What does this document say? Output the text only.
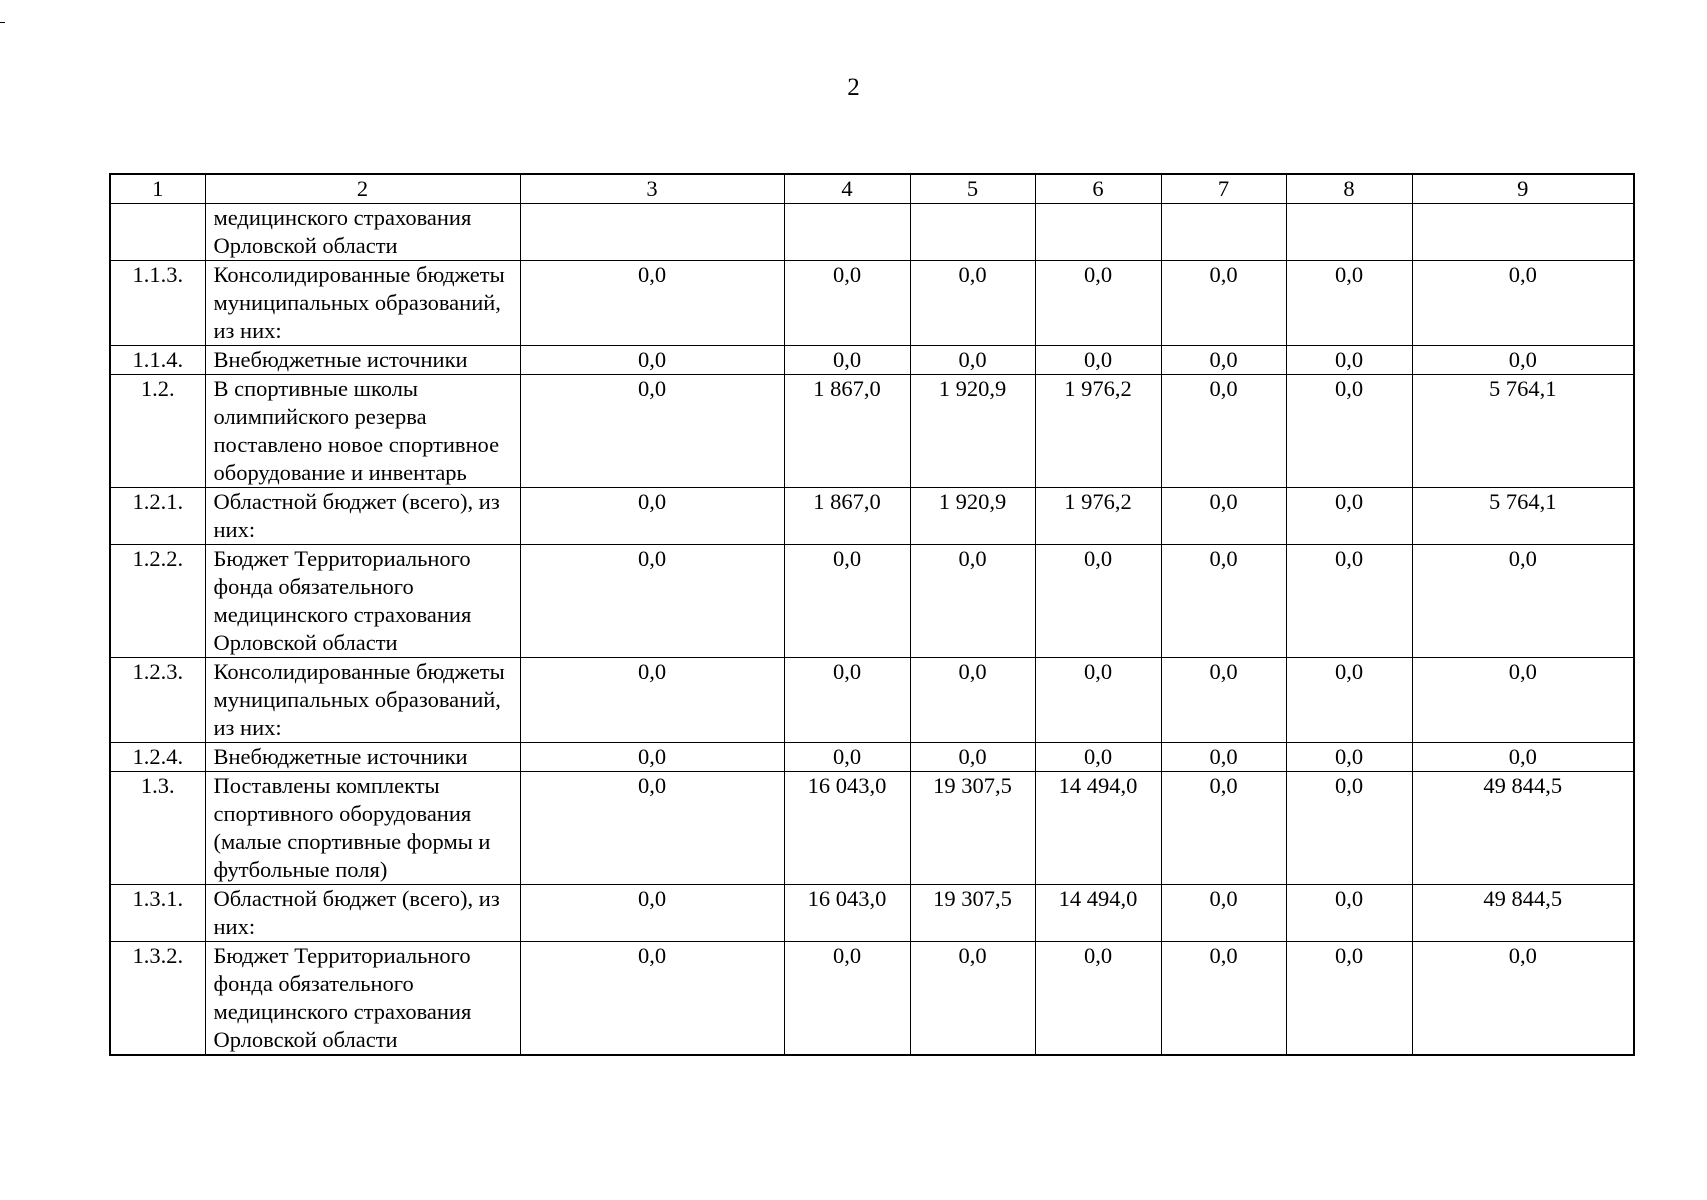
2
1	2	3	4	5	6	7	8	9
	медицинского страхования Орловской области							
1.1.3.	Консолидированные бюджеты муниципальных образований, из них:	0,0	0,0	0,0	0,0	0,0	0,0	0,0
1.1.4.	Внебюджетные источники	0,0	0,0	0,0	0,0	0,0	0,0	0,0
1.2.	В спортивные школы олимпийского резерва поставлено новое спортивное оборудование и инвентарь	0,0	1 867,0	1 920,9	1 976,2	0,0	0,0	5 764,1
1.2.1.	Областной бюджет (всего), из них:	0,0	1 867,0	1 920,9	1 976,2	0,0	0,0	5 764,1
1.2.2.	Бюджет Территориального фонда обязательного медицинского страхования Орловской области	0,0	0,0	0,0	0,0	0,0	0,0	0,0
1.2.3.	Консолидированные бюджеты муниципальных образований, из них:	0,0	0,0	0,0	0,0	0,0	0,0	0,0
1.2.4.	Внебюджетные источники	0,0	0,0	0,0	0,0	0,0	0,0	0,0
1.3.	Поставлены комплекты спортивного оборудования (малые спортивные формы и футбольные поля)	0,0	16 043,0	19 307,5	14 494,0	0,0	0,0	49 844,5
1.3.1.	Областной бюджет (всего), из них:	0,0	16 043,0	19 307,5	14 494,0	0,0	0,0	49 844,5
1.3.2.	Бюджет Территориального фонда обязательного медицинского страхования Орловской области	0,0	0,0	0,0	0,0	0,0	0,0	0,0
